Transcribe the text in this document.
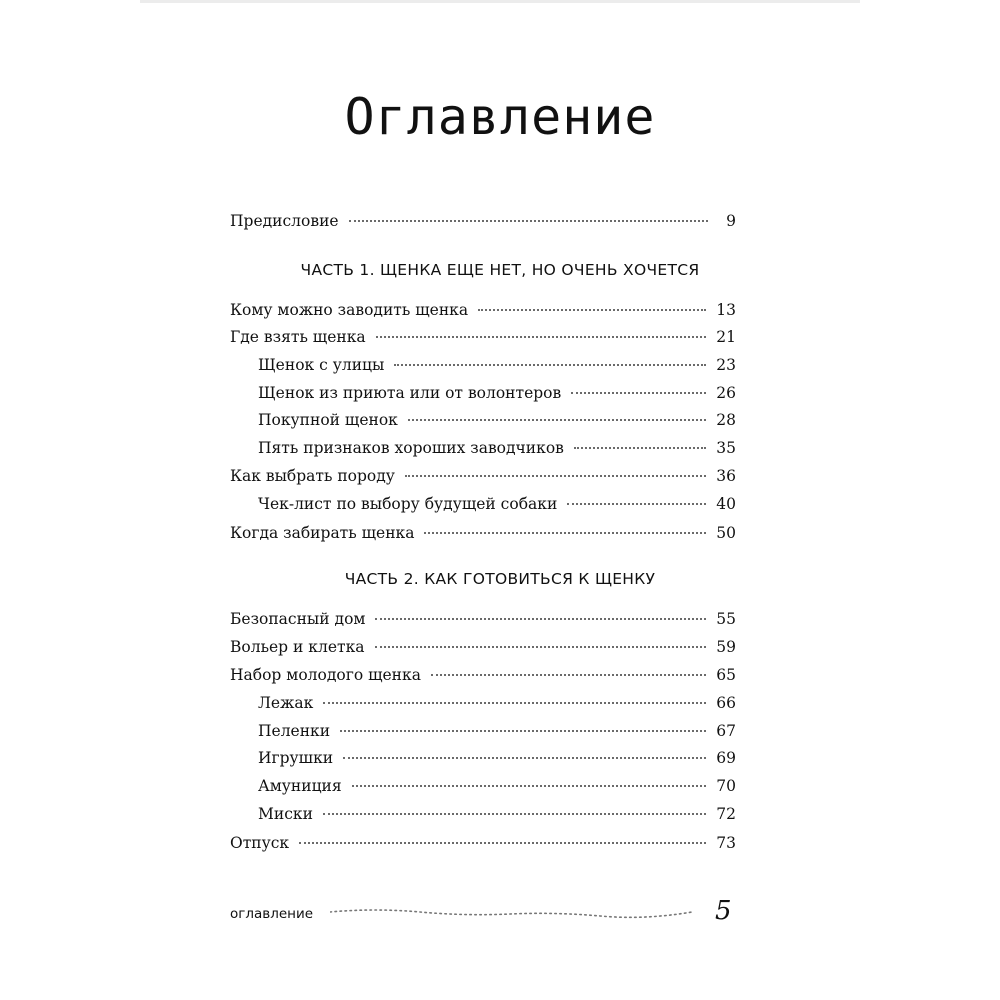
Оглавление
Предисловие	9
ЧАСТЬ 1. ЩЕНКА ЕЩЕ НЕТ, НО ОЧЕНЬ ХОЧЕТСЯ
Кому можно заводить щенка	13
Где взять щенка	21
Щенок с улицы	23
Щенок из приюта или от волонтеров	26
Покупной щенок	28
Пять признаков хороших заводчиков	35
Как выбрать породу	36
Чек-лист по выбору будущей собаки	40
Когда забирать щенка	50
ЧАСТЬ 2. КАК ГОТОВИТЬСЯ К ЩЕНКУ
Безопасный дом	55
Вольер и клетка	59
Набор молодого щенка	65
Лежак	66
Пеленки	67
Игрушки	69
Амуниция	70
Миски	72
Отпуск	73
оглавление	5
